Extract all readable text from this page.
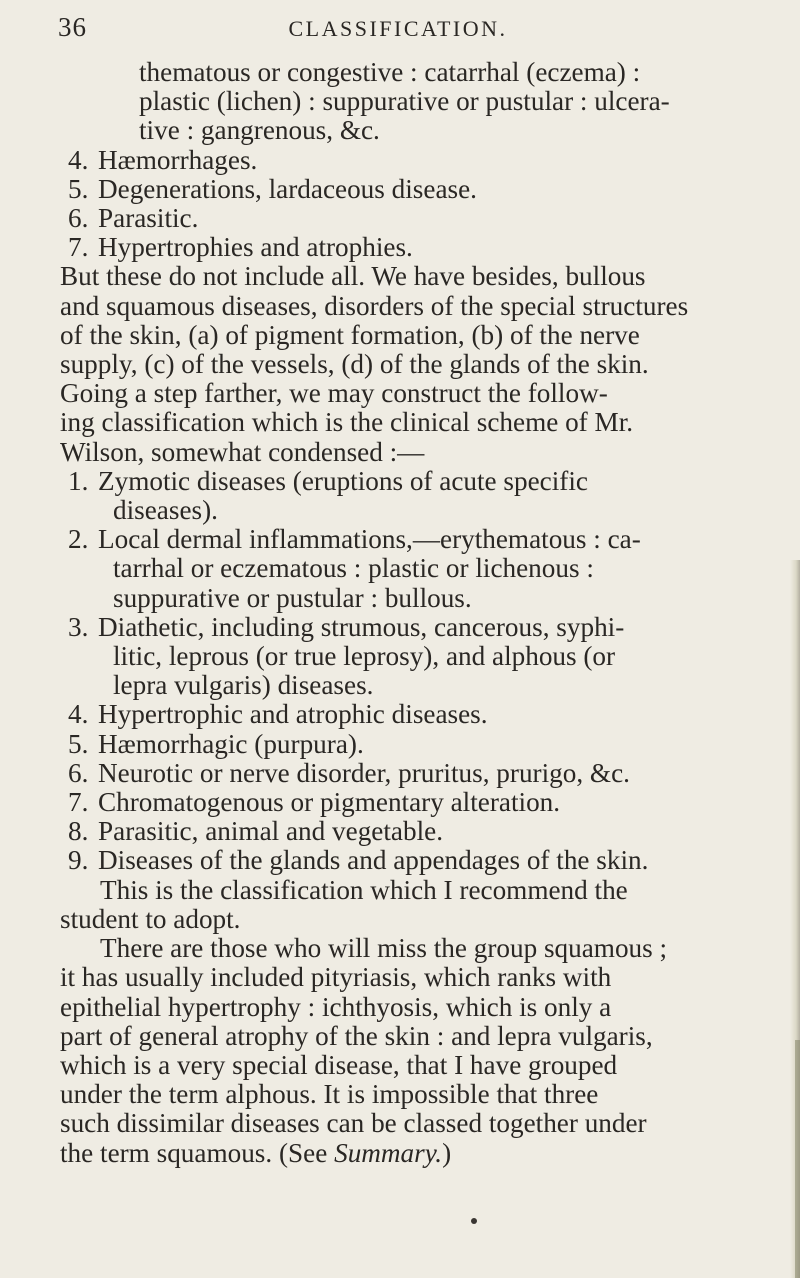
36	CLASSIFICATION.
thematous or congestive : catarrhal (eczema) :
plastic (lichen) : suppurative or pustular : ulcera-
tive : gangrenous, &c.
4. Hæmorrhages.
5. Degenerations, lardaceous disease.
6. Parasitic.
7. Hypertrophies and atrophies.
But these do not include all. We have besides, bullous
and squamous diseases, disorders of the special structures
of the skin, (a) of pigment formation, (b) of the nerve
supply, (c) of the vessels, (d) of the glands of the skin.
Going a step farther, we may construct the follow-
ing classification which is the clinical scheme of Mr.
Wilson, somewhat condensed :—
1. Zymotic diseases (eruptions of acute specific
diseases).
2. Local dermal inflammations,—erythematous : ca-
tarrhal or eczematous : plastic or lichenous :
suppurative or pustular : bullous.
3. Diathetic, including strumous, cancerous, syphi-
litic, leprous (or true leprosy), and alphous (or
lepra vulgaris) diseases.
4. Hypertrophic and atrophic diseases.
5. Hæmorrhagic (purpura).
6. Neurotic or nerve disorder, pruritus, prurigo, &c.
7. Chromatogenous or pigmentary alteration.
8. Parasitic, animal and vegetable.
9. Diseases of the glands and appendages of the skin.
This is the classification which I recommend the
student to adopt.
There are those who will miss the group squamous ;
it has usually included pityriasis, which ranks with
epithelial hypertrophy : ichthyosis, which is only a
part of general atrophy of the skin : and lepra vulgaris,
which is a very special disease, that I have grouped
under the term alphous. It is impossible that three
such dissimilar diseases can be classed together under
the term squamous. (See Summary.)
